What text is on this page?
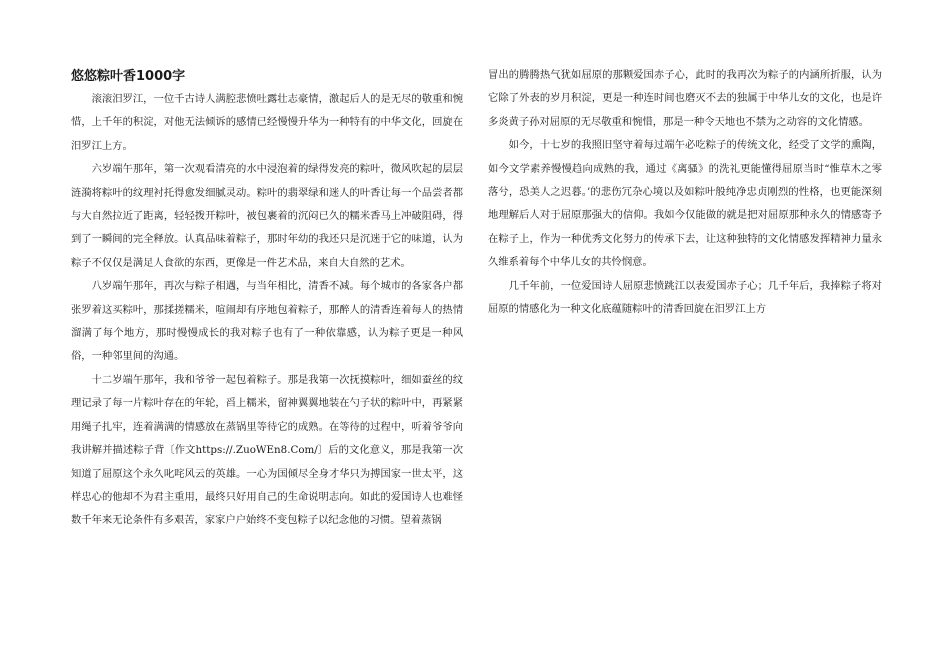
悠悠粽叶香1000字

滚滚汨罗江，一位千古诗人满腔悲愤吐露壮志豪情，激起后人的是无尽的敬重和惋惜，上千年的积淀，对他无法倾诉的感情已经慢慢升华为一种特有的中华文化，回旋在汨罗江上方。

六岁端午那年，第一次观看清亮的水中浸泡着的绿得发亮的粽叶，微风吹起的层层涟漪将粽叶的纹理衬托得愈发细腻灵动。粽叶的翡翠绿和迷人的叶香让每一个品尝者都与大自然拉近了距离，轻轻拨开粽叶，被包裹着的沉闷已久的糯米香马上冲破阻碍，得到了一瞬间的完全释放。认真品味着粽子，那时年幼的我还只是沉迷于它的味道，认为粽子不仅仅是满足人食欲的东西，更像是一件艺术品，来自大自然的艺术。

八岁端午那年，再次与粽子相遇，与当年相比，清香不减。每个城市的各家各户都张罗着这买粽叶，那揉搓糯米，喧闹却有序地包着粽子，那醉人的清香连着每人的热情溜满了每个地方，那时慢慢成长的我对粽子也有了一种依靠感，认为粽子更是一种风俗，一种邻里间的沟通。

十二岁端午那年，我和爷爷一起包着粽子。那是我第一次抚摸粽叶，细如蚕丝的纹理记录了每一片粽叶存在的年轮，舀上糯米，留神翼翼地装在勺子状的粽叶中，再紧紧用绳子扎牢，连着满满的情感放在蒸锅里等待它的成熟。在等待的过程中，听着爷爷向我讲解并描述粽子背〔作文https://.ZuoWEn8.Com/〕后的文化意义，那是我第一次知道了屈原这个永久叱咤风云的英雄。一心为国倾尽全身才华只为搏国家一世太平，这样忠心的他却不为君主重用，最终只好用自己的生命说明志向。如此的爱国诗人也难怪数千年来无论条件有多艰苦，家家户户始终不变包粽子以纪念他的习惯。望着蒸锅

冒出的腾腾热气犹如屈原的那颗爱国赤子心，此时的我再次为粽子的内涵所折服，认为它除了外表的岁月积淀，更是一种连时间也磨灭不去的独属于中华儿女的文化，也是许多炎黄子孙对屈原的无尽敬重和惋惜，那是一种令天地也不禁为之动容的文化情感。

如今，十七岁的我照旧坚守着每过端午必吃粽子的传统文化，经受了文学的熏陶，如今文学素养慢慢趋向成熟的我，通过《离骚》的洗礼更能懂得屈原当时“惟草木之零落兮，恐美人之迟暮。’的悲伤冗杂心境以及如粽叶般纯净忠贞刚烈的性格，也更能深刻地理解后人对于屈原那强大的信仰。我如今仅能做的就是把对屈原那种永久的情感寄予在粽子上，作为一种优秀文化努力的传承下去，让这种独特的文化情感发挥精神力量永久维系着每个中华儿女的共怜悯意。

几千年前，一位爱国诗人屈原悲愤跳江以表爱国赤子心；几千年后，我捧粽子将对屈原的情感化为一种文化底蕴随粽叶的清香回旋在汨罗江上方
